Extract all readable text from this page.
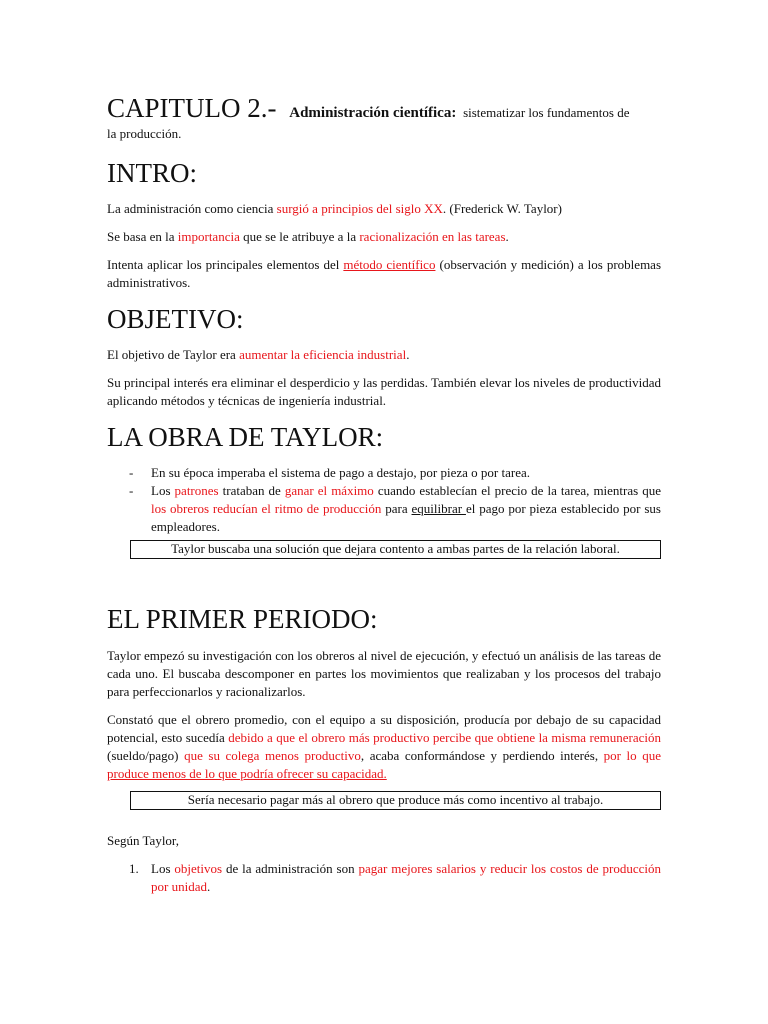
CAPITULO 2.- Administración científica: sistematizar los fundamentos de

la producción.

INTRO:

La administración como ciencia surgió a principios del siglo XX. (Frederick W. Taylor)

Se basa en la importancia que se le atribuye a la racionalización en las tareas.

Intenta aplicar los principales elementos del método científico (observación y medición) a los problemas administrativos.

OBJETIVO:

El objetivo de Taylor era aumentar la eficiencia industrial.

Su principal interés era eliminar el desperdicio y las perdidas. También elevar los niveles de productividad aplicando métodos y técnicas de ingeniería industrial.

LA OBRA DE TAYLOR:
- En su época imperaba el sistema de pago a destajo, por pieza o por tarea.
- Los patrones trataban de ganar el máximo cuando establecían el precio de la tarea, mientras que los obreros reducían el ritmo de producción para equilibrar el pago por pieza establecido por sus empleadores.
Taylor buscaba una solución que dejara contento a ambas partes de la relación laboral.
EL PRIMER PERIODO:

Taylor empezó su investigación con los obreros al nivel de ejecución, y efectuó un análisis de las tareas de cada uno. El buscaba descomponer en partes los movimientos que realizaban y los procesos del trabajo para perfeccionarlos y racionalizarlos.

Constató que el obrero promedio, con el equipo a su disposición, producía por debajo de su capacidad potencial, esto sucedía debido a que el obrero más productivo percibe que obtiene la misma remuneración (sueldo/pago) que su colega menos productivo, acaba conformándose y perdiendo interés, por lo que produce menos de lo que podría ofrecer su capacidad.

Sería necesario pagar más al obrero que produce más como incentivo al trabajo.

Según Taylor,

1. Los objetivos de la administración son pagar mejores salarios y reducir los costos de producción por unidad.
